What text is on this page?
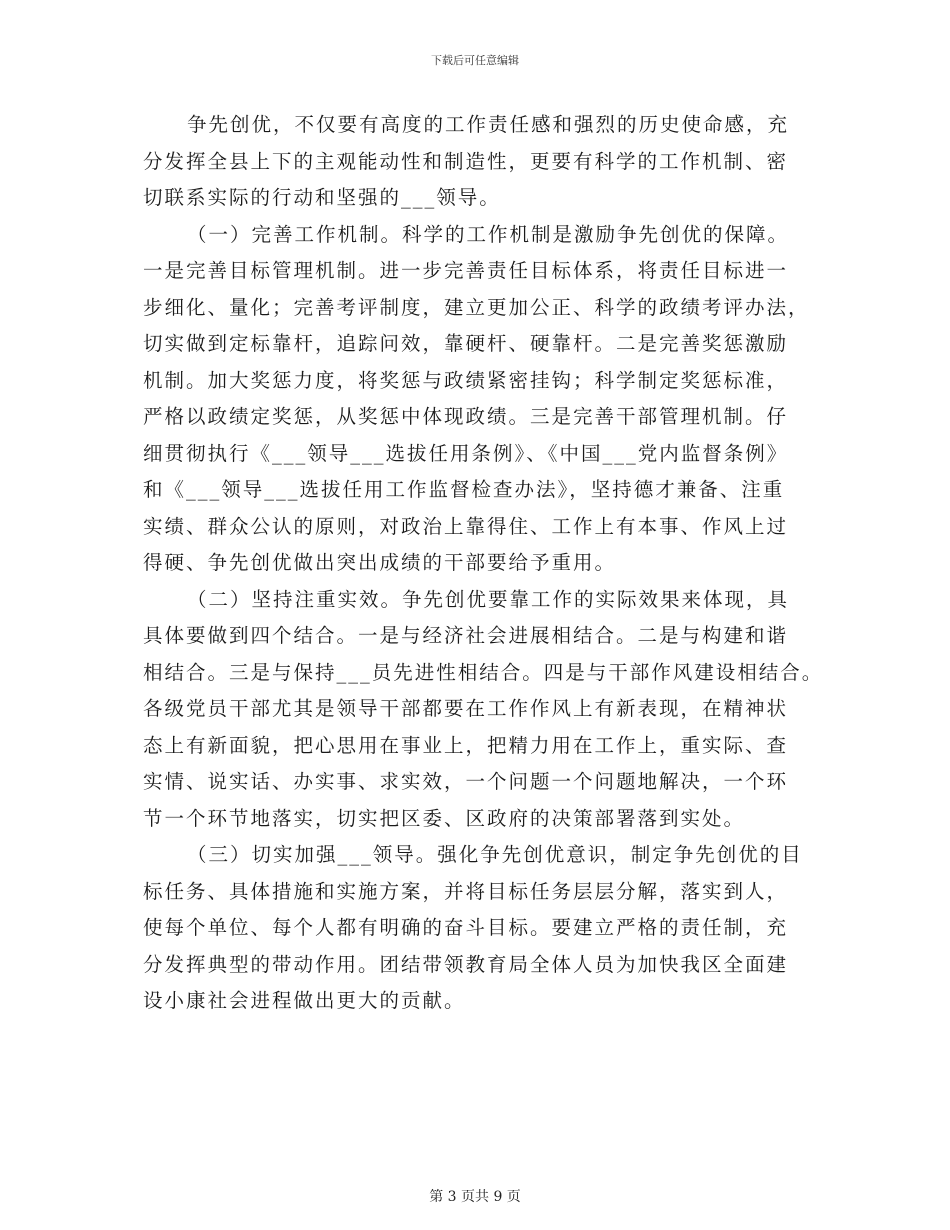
下载后可任意编辑
争先创优，不仅要有高度的工作责任感和强烈的历史使命感，充
分发挥全县上下的主观能动性和制造性，更要有科学的工作机制、密
切联系实际的行动和坚强的___领导。
（一）完善工作机制。科学的工作机制是激励争先创优的保障。
一是完善目标管理机制。进一步完善责任目标体系，将责任目标进一
步细化、量化；完善考评制度，建立更加公正、科学的政绩考评办法，
切实做到定标靠杆，追踪问效，靠硬杆、硬靠杆。二是完善奖惩激励
机制。加大奖惩力度，将奖惩与政绩紧密挂钩；科学制定奖惩标准，
严格以政绩定奖惩，从奖惩中体现政绩。三是完善干部管理机制。仔
细贯彻执行《___领导___选拔任用条例》、《中国___党内监督条例》
和《___领导___选拔任用工作监督检查办法》，坚持德才兼备、注重
实绩、群众公认的原则，对政治上靠得住、工作上有本事、作风上过
得硬、争先创优做出突出成绩的干部要给予重用。
（二）坚持注重实效。争先创优要靠工作的实际效果来体现，具
具体要做到四个结合。一是与经济社会进展相结合。二是与构建和谐
相结合。三是与保持___员先进性相结合。四是与干部作风建设相结合。
各级党员干部尤其是领导干部都要在工作作风上有新表现，在精神状
态上有新面貌，把心思用在事业上，把精力用在工作上，重实际、查
实情、说实话、办实事、求实效，一个问题一个问题地解决，一个环
节一个环节地落实，切实把区委、区政府的决策部署落到实处。
（三）切实加强___领导。强化争先创优意识，制定争先创优的目
标任务、具体措施和实施方案，并将目标任务层层分解，落实到人，
使每个单位、每个人都有明确的奋斗目标。要建立严格的责任制，充
分发挥典型的带动作用。团结带领教育局全体人员为加快我区全面建
设小康社会进程做出更大的贡献。
第 3 页共 9 页
